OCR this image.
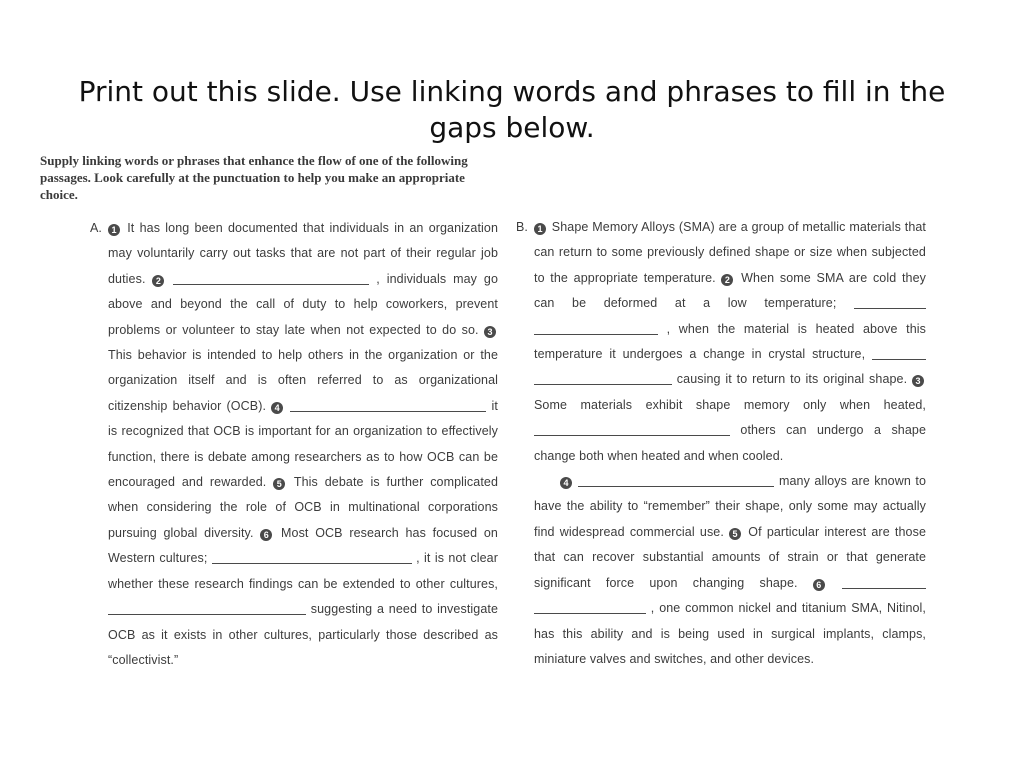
Print out this slide. Use linking words and phrases to fill in the gaps below.
Supply linking words or phrases that enhance the flow of one of the following passages. Look carefully at the punctuation to help you make an appropriate choice.
A.	1 It has long been documented that individuals in an organization may voluntarily carry out tasks that are not part of their regular job duties. 2	, individuals may go above and beyond the call of duty to help coworkers, prevent problems or volunteer to stay late when not expected to do so. 3 This behavior is intended to help others in the organization or the organization itself and is often referred to as organizational citizenship behavior (OCB). 4	it is recognized that OCB is important for an organization to effectively function, there is debate among researchers as to how OCB can be encouraged and rewarded. 5 This debate is further complicated when considering the role of OCB in multinational corporations pursuing global diversity. 6 Most OCB research has focused on Western cultures;	, it is not clear whether these research findings can be extended to other cultures,  suggesting a need to investigate OCB as it exists in other cultures, particularly those described as “collectivist.”
B.	1 Shape Memory Alloys (SMA) are a group of metallic materials that can return to some previously defined shape or size when subjected to the appropriate temperature. 2 When some SMA are cold they can be deformed at a low temperature;   , when the material is heated above this temperature it undergoes a change in crystal structure,   causing it to return to its original shape. 3 Some materials exhibit shape memory only when heated,  others can undergo a shape change both when heated and when cooled.
4	many alloys are known to have the ability to “remember” their shape, only some may actually find widespread commercial use. 5 Of particular interest are those that can recover substantial amounts of strain or that generate significant force upon changing shape. 6   , one common nickel and titanium SMA, Nitinol, has this ability and is being used in surgical implants, clamps, miniature valves and switches, and other devices.
